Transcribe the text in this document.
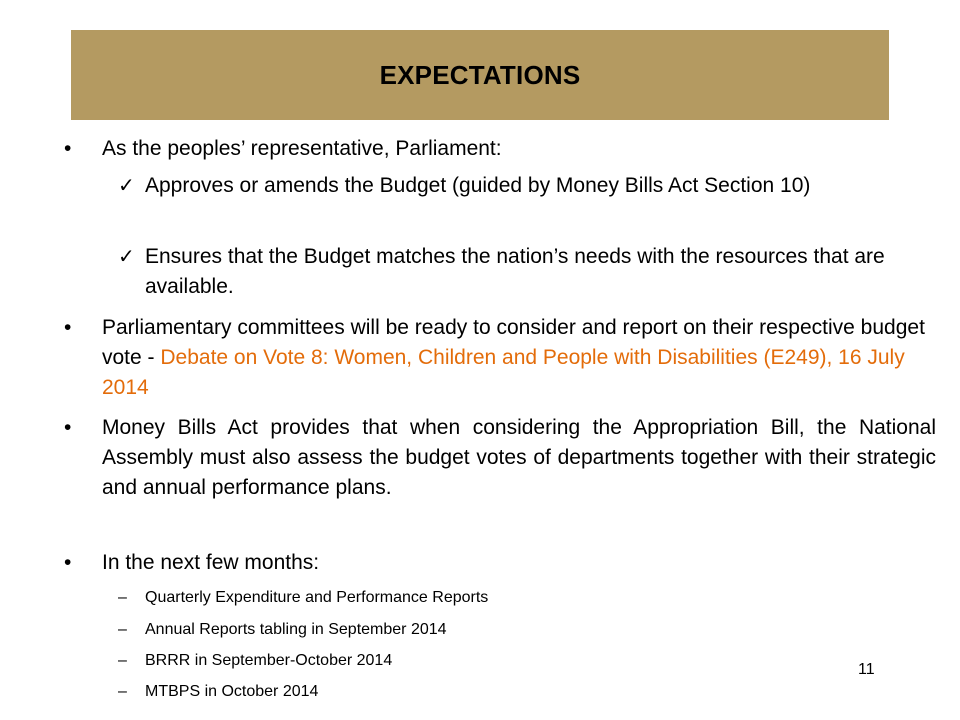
EXPECTATIONS
• As the peoples’ representative, Parliament:
✓ Approves or amends the Budget (guided by Money Bills Act Section 10)
✓ Ensures that the Budget matches the nation’s needs with the resources that are available.
• Parliamentary committees will be ready to consider and report on their respective budget vote - Debate on Vote 8: Women, Children and People with Disabilities (E249), 16 July 2014
• Money Bills Act provides that when considering the Appropriation Bill, the National Assembly must also assess the budget votes of departments together with their strategic and annual performance plans.
• In the next few months:
– Quarterly Expenditure and Performance Reports
– Annual Reports tabling in September 2014
– BRRR in September-October 2014
– MTBPS in October 2014
11
